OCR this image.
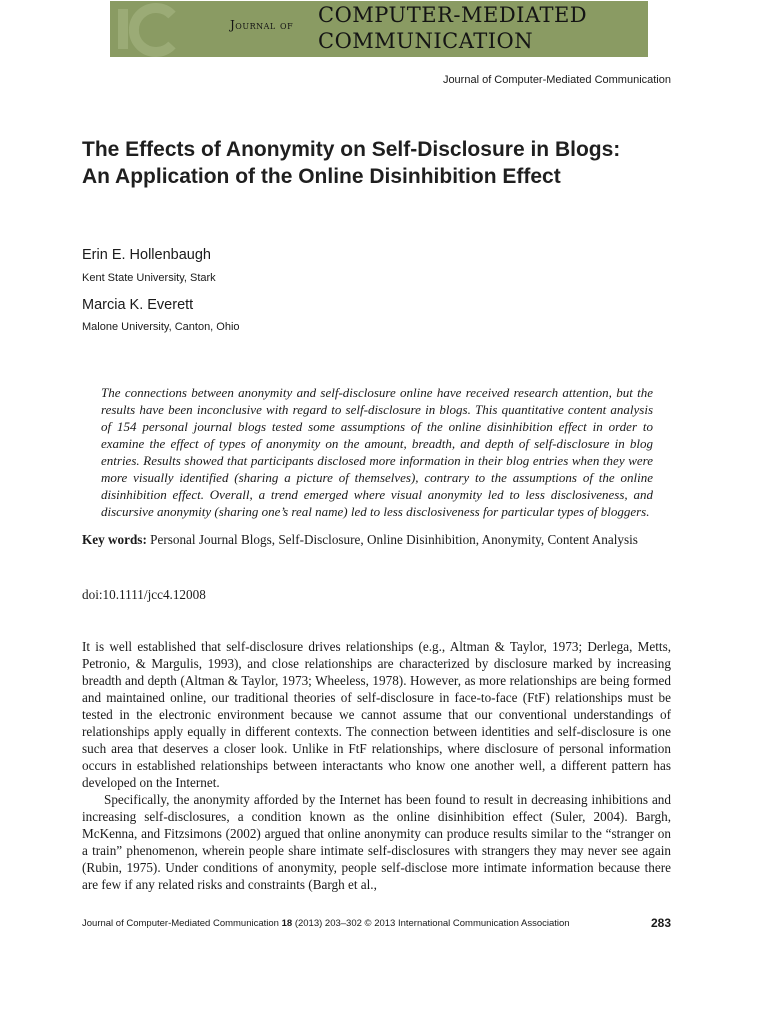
Journal of COMPUTER-MEDIATED
COMMUNICATION
Journal of Computer-Mediated Communication
The Effects of Anonymity on Self-Disclosure in Blogs: An Application of the Online Disinhibition Effect
Erin E. Hollenbaugh
Kent State University, Stark
Marcia K. Everett
Malone University, Canton, Ohio

The connections between anonymity and self-disclosure online have received research attention, but the results have been inconclusive with regard to self-disclosure in blogs. This quantitative content analysis of 154 personal journal blogs tested some assumptions of the online disinhibition effect in order to examine the effect of types of anonymity on the amount, breadth, and depth of self-disclosure in blog entries. Results showed that participants disclosed more information in their blog entries when they were more visually identified (sharing a picture of themselves), contrary to the assumptions of the online disinhibition effect. Overall, a trend emerged where visual anonymity led to less disclosiveness, and discursive anonymity (sharing one’s real name) led to less disclosiveness for particular types of bloggers.

Key words: Personal Journal Blogs, Self-Disclosure, Online Disinhibition, Anonymity, Content Analysis
doi:10.1111/jcc4.12008

It is well established that self-disclosure drives relationships (e.g., Altman & Taylor, 1973; Derlega, Metts, Petronio, & Margulis, 1993), and close relationships are characterized by disclosure marked by increasing breadth and depth (Altman & Taylor, 1973; Wheeless, 1978). However, as more relationships are being formed and maintained online, our traditional theories of self-disclosure in face-to-face (FtF) relationships must be tested in the electronic environment because we cannot assume that our conventional understandings of relationships apply equally in different contexts. The connection between identities and self-disclosure is one such area that deserves a closer look. Unlike in FtF relationships, where disclosure of personal information occurs in established relationships between interactants who know one another well, a different pattern has developed on the Internet.

Specifically, the anonymity afforded by the Internet has been found to result in decreasing inhibitions and increasing self-disclosures, a condition known as the online disinhibition effect (Suler, 2004). Bargh, McKenna, and Fitzsimons (2002) argued that online anonymity can produce results similar to the “stranger on a train” phenomenon, wherein people share intimate self-disclosures with strangers they may never see again (Rubin, 1975). Under conditions of anonymity, people self-disclose more intimate information because there are few if any related risks and constraints (Bargh et al.,

Journal of Computer-Mediated Communication 18 (2013) 203–302 © 2013 International Communication Association	283
